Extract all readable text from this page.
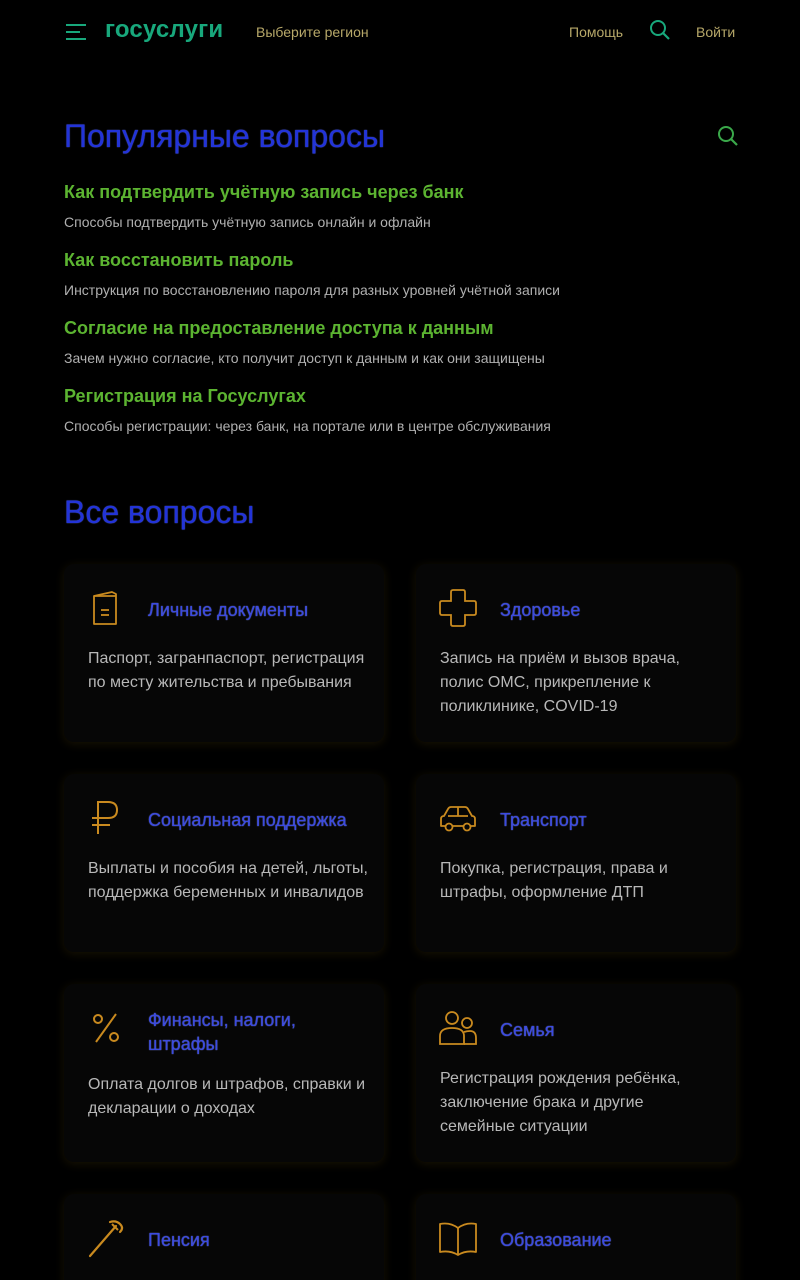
госуслуги Выберите регион	Помощь	Войти
Популярные вопросы
Как подтвердить учётную запись через банк
Способы подтвердить учётную запись онлайн и офлайн
Как восстановить пароль
Инструкция по восстановлению пароля для разных уровней учётной записи
Согласие на предоставление доступа к данным
Зачем нужно согласие, кто получит доступ к данным и как они защищены
Регистрация на Госуслугах
Способы регистрации: через банк, на портале или в центре обслуживания
Все вопросы
Личные документы
Паспорт, загранпаспорт, регистрация по месту жительства и пребывания
Здоровье
Запись на приём и вызов врача, полис ОМС, прикрепление к поликлинике, COVID-19
Социальная поддержка
Выплаты и пособия на детей, льготы, поддержка беременных и инвалидов
Транспорт
Покупка, регистрация, права и штрафы, оформление ДТП
Финансы, налоги, штрафы
Оплата долгов и штрафов, справки и декларации о доходах
Семья
Регистрация рождения ребёнка, заключение брака и другие семейные ситуации
Пенсия	Образование
